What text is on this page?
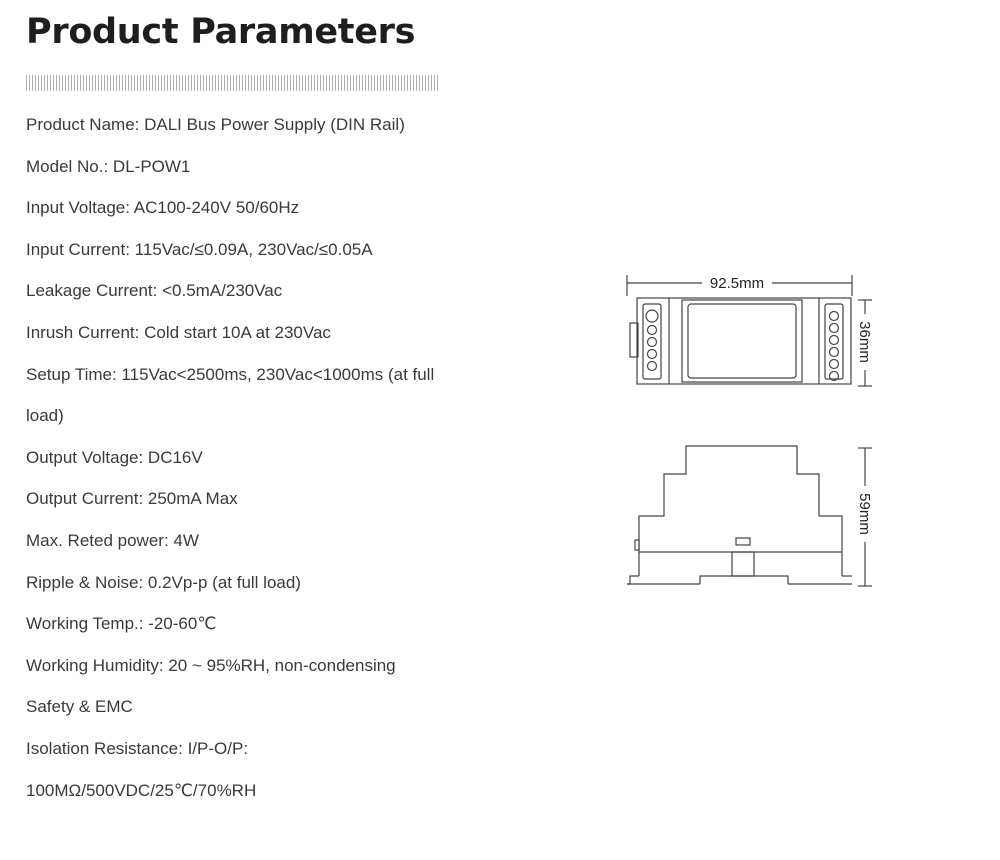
Product Parameters
Product Name: DALI Bus Power Supply (DIN Rail)
Model No.: DL-POW1
Input Voltage: AC100-240V 50/60Hz
Input Current: 115Vac/≤0.09A, 230Vac/≤0.05A
Leakage Current: <0.5mA/230Vac
Inrush Current: Cold start 10A at 230Vac
Setup Time: 115Vac<2500ms, 230Vac<1000ms (at full
load)
Output Voltage: DC16V
Output Current: 250mA Max
Max. Reted power: 4W
Ripple & Noise: 0.2Vp-p (at full load)
Working Temp.: -20-60℃
Working Humidity: 20 ~ 95%RH, non-condensing
Safety & EMC
Isolation Resistance: I/P-O/P:
100MΩ/500VDC/25℃/70%RH
92.5mm
36mm
59mm
